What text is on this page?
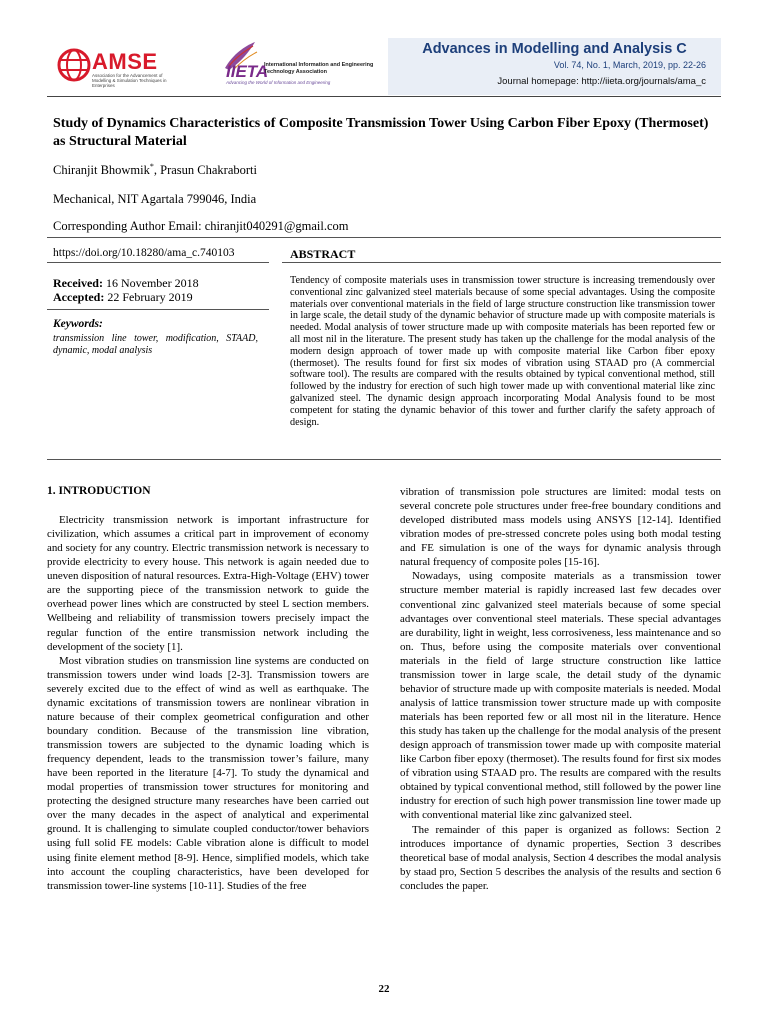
AMSE
Association for the Advancement of Modelling & Simulation Techniques in Enterprises
IIETA
International Information and Engineering Technology Association
Advancing the World of Information and Engineering
Advances in Modelling and Analysis C
Vol. 74, No. 1, March, 2019, pp. 22-26
Journal homepage: http://iieta.org/journals/ama_c
Study of Dynamics Characteristics of Composite Transmission Tower Using Carbon Fiber Epoxy (Thermoset) as Structural Material
Chiranjit Bhowmik*, Prasun Chakraborti
Mechanical, NIT Agartala 799046, India
Corresponding Author Email: chiranjit040291@gmail.com
https://doi.org/10.18280/ama_c.740103	ABSTRACT
Received: 16 November 2018
Accepted: 22 February 2019
Keywords:
transmission line tower, modification, STAAD, dynamic, modal analysis
Tendency of composite materials uses in transmission tower structure is increasing tremendously over conventional zinc galvanized steel materials because of some special advantages. Using the composite materials over conventional materials in the field of large structure construction like transmission tower in large scale, the detail study of the dynamic behavior of structure made up with composite materials is needed. Modal analysis of tower structure made up with composite materials has been reported few or all most nil in the literature. The present study has taken up the challenge for the modal analysis of the modern design approach of tower made up with composite material like Carbon fiber epoxy (thermoset). The results found for first six modes of vibration using STAAD pro (A commercial software tool). The results are compared with the results obtained by typical conventional method, still followed by the industry for erection of such high tower made up with conventional material like zinc galvanized steel. The dynamic design approach incorporating Modal Analysis found to be most competent for stating the dynamic behavior of this tower and further clarify the safety approach of design.
1. INTRODUCTION

Electricity transmission network is important infrastructure for civilization, which assumes a critical part in improvement of economy and society for any country. Electric transmission network is necessary to provide electricity to every house. This network is again needed due to uneven disposition of natural resources. Extra-High-Voltage (EHV) tower are the supporting piece of the transmission network to guide the overhead power lines which are constructed by steel L section members. Wellbeing and reliability of transmission towers precisely impact the regular function of the entire transmission network including the development of the society [1].

Most vibration studies on transmission line systems are conducted on transmission towers under wind loads [2-3]. Transmission towers are severely excited due to the effect of wind as well as earthquake. The dynamic excitations of transmission towers are nonlinear vibration in nature because of their complex geometrical configuration and other boundary condition. Because of the transmission line vibration, transmission towers are subjected to the dynamic loading which is frequency dependent, leads to the transmission tower’s failure, many have been reported in the literature [4-7]. To study the dynamical and modal properties of transmission tower structures for monitoring and protecting the designed structure many researches have been carried out over the many decades in the aspect of analytical and experimental ground. It is challenging to simulate coupled conductor/tower behaviors using full solid FE models: Cable vibration alone is difficult to model using finite element method [8-9]. Hence, simplified models, which take into account the coupling characteristics, have been developed for transmission tower-line systems [10-11]. Studies of the free

vibration of transmission pole structures are limited: modal tests on several concrete pole structures under free-free boundary conditions and developed distributed mass models using ANSYS [12-14]. Identified vibration modes of pre-stressed concrete poles using both modal testing and FE simulation is one of the ways for dynamic analysis through natural frequency of composite poles [15-16].

Nowadays, using composite materials as a transmission tower structure member material is rapidly increased last few decades over conventional zinc galvanized steel materials because of some special advantages over conventional steel materials. These special advantages are durability, light in weight, less corrosiveness, less maintenance and so on. Thus, before using the composite materials over conventional materials in the field of large structure construction like lattice transmission tower in large scale, the detail study of the dynamic behavior of structure made up with composite materials is needed. Modal analysis of lattice transmission tower structure made up with composite materials has been reported few or all most nil in the literature. Hence this study has taken up the challenge for the modal analysis of the present design approach of transmission tower made up with composite material like Carbon fiber epoxy (thermoset). The results found for first six modes of vibration using STAAD pro. The results are compared with the results obtained by typical conventional method, still followed by the power line industry for erection of such high power transmission line tower made up with conventional material like zinc galvanized steel.

The remainder of this paper is organized as follows: Section 2 introduces importance of dynamic properties, Section 3 describes theoretical base of modal analysis, Section 4 describes the modal analysis by staad pro, Section 5 describes the analysis of the results and section 6 concludes the paper.

22
